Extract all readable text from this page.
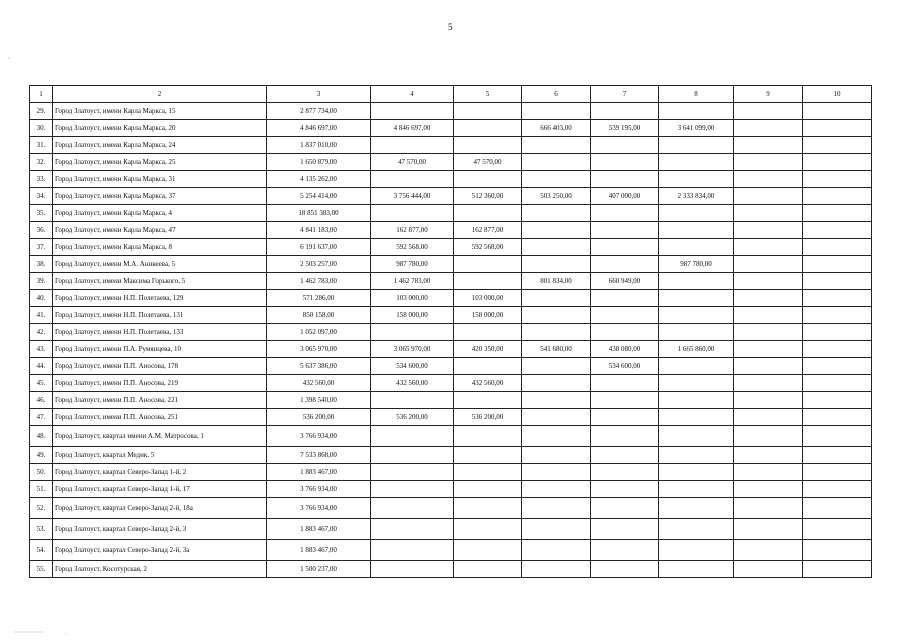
5
1	2	3	4	5	6	7	8	9	10
29.	Город Златоуст, имени Карла Маркса, 15	2 877 734,00							
30.	Город Златоуст, имени Карла Маркса, 20	4 846 697,00	4 846 697,00		666 403,00	539 195,00	3 641 099,00		
31.	Город Златоуст, имени Карла Маркса, 24	1 837 010,00							
32.	Город Златоуст, имени Карла Маркса, 25	1 650 879,00	47 570,00	47 570,00					
33.	Город Златоуст, имени Карла Маркса, 31	4 135 262,00							
34.	Город Златоуст, имени Карла Маркса, 37	5 254 414,00	3 756 444,00	512 360,00	503 250,00	407 000,00	2 333 834,00		
35.	Город Златоуст, имени Карла Маркса, 4	18 851 383,00							
36.	Город Златоуст, имени Карла Маркса, 47	4 841 183,00	162 877,00	162 877,00					
37.	Город Златоуст, имени Карла Маркса, 8	6 191 637,00	592 568,00	592 568,00					
38.	Город Златоуст, имени М.А. Аникеева, 5	2 503 257,00	987 780,00				987 780,00		
39.	Город Златоуст, имени Максима Горького, 5	1 462 783,00	1 462 783,00		801 834,00	660 949,00			
40.	Город Златоуст, имени Н.П. Полетаева, 129	571 286,00	103 000,00	103 000,00					
41.	Город Златоуст, имени Н.П. Полетаева, 131	850 158,00	158 000,00	158 000,00					
42.	Город Златоуст, имени Н.П. Полетаева, 133	1 052 097,00							
43.	Город Златоуст, имени П.А. Румянцева, 10	3 065 970,00	3 065 970,00	420 350,00	541 680,00	438 080,00	1 665 860,00		
44.	Город Златоуст, имени П.П. Аносова, 178	5 637 386,00	534 600,00			534 600,00			
45.	Город Златоуст, имени П.П. Аносова, 219	432 560,00	432 560,00	432 560,00					
46.	Город Златоуст, имени П.П. Аносова, 221	1 398 540,00							
47.	Город Златоуст, имени П.П. Аносова, 251	536 200,00	536 200,00	536 200,00					
48.	Город Златоуст, квартал имени А.М. Матросова, 1	3 766 934,00							
49.	Город Златоуст, квартал Медик, 5	7 533 868,00							
50.	Город Златоуст, квартал Северо-Запад 1-й, 2	1 883 467,00							
51.	Город Златоуст, квартал Северо-Запад 1-й, 17	3 766 934,00							
52.	Город Златоуст, квартал Северо-Запад 2-й, 18а	3 766 934,00							
53.	Город Златоуст, квартал Северо-Запад 2-й, 3	1 883 467,00							
54.	Город Златоуст, квартал Северо-Запад 2-й, 3а	1 883 467,00							
55.	Город Златоуст, Косотурская, 2	1 500 237,00							
